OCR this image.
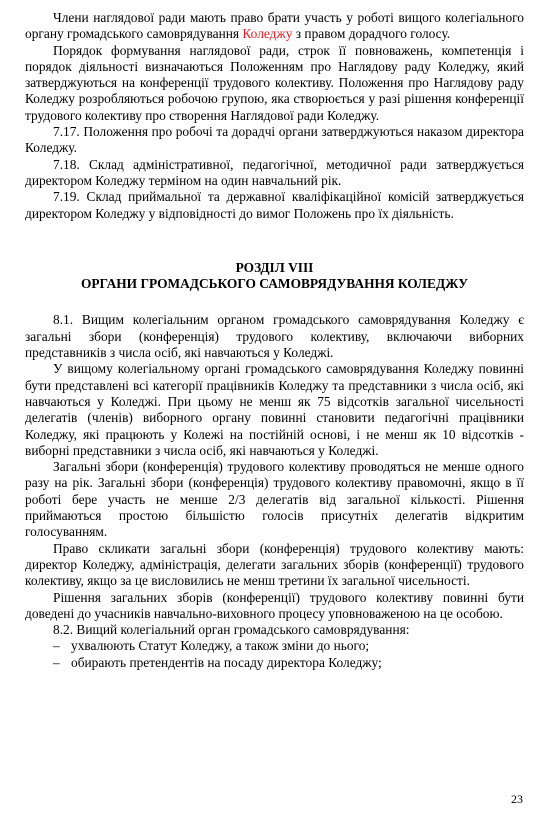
Члени наглядової ради мають право брати участь у роботі вищого колегіального органу громадського самоврядування Коледжу з правом дорадчого голосу.

Порядок формування наглядової ради, строк її повноважень, компетенція і порядок діяльності визначаються Положенням про Наглядову раду Коледжу, який затверджуються на конференції трудового колективу. Положення про Наглядову раду Коледжу розробляються робочою групою, яка створюється у разі рішення конференції трудового колективу про створення Наглядової ради Коледжу.

7.17. Положення про робочі та дорадчі органи затверджуються наказом директора Коледжу.

7.18. Склад адміністративної, педагогічної, методичної ради затверджується директором Коледжу терміном на один навчальний рік.

7.19. Склад приймальної та державної кваліфікаційної комісій затверджується директором Коледжу у відповідності до вимог Положень про їх діяльність.

РОЗДІЛ VIII

ОРГАНИ ГРОМАДСЬКОГО САМОВРЯДУВАННЯ КОЛЕДЖУ

8.1. Вищим колегіальним органом громадського самоврядування Коледжу є загальні збори (конференція) трудового колективу, включаючи виборних представників з числа осіб, які навчаються у Коледжі.

У вищому колегіальному органі громадського самоврядування Коледжу повинні бути представлені всі категорії працівників Коледжу та представники з числа осіб, які навчаються у Коледжі. При цьому не менш як 75 відсотків загальної чисельності делегатів (членів) виборного органу повинні становити педагогічні працівники Коледжу, які працюють у Колежі на постійній основі, і не менш як 10 відсотків - виборні представники з числа осіб, які навчаються у Коледжі.

Загальні збори (конференція) трудового колективу проводяться не менше одного разу на рік. Загальні збори (конференція) трудового колективу правомочні, якщо в її роботі бере участь не менше 2/3 делегатів від загальної кількості. Рішення приймаються простою більшістю голосів присутніх делегатів відкритим голосуванням.

Право скликати загальні збори (конференція) трудового колективу мають: директор Коледжу, адміністрація, делегати загальних зборів (конференції) трудового колективу, якщо за це висловились не менш третини їх загальної чисельності.

Рішення загальних зборів (конференції) трудового колективу повинні бути доведені до учасників навчально-виховного процесу уповноваженою на це особою.

8.2. Вищий колегіальний орган громадського самоврядування:

– ухвалюють Статут Коледжу, а також зміни до нього;

– обирають претендентів на посаду директора Коледжу;

23
